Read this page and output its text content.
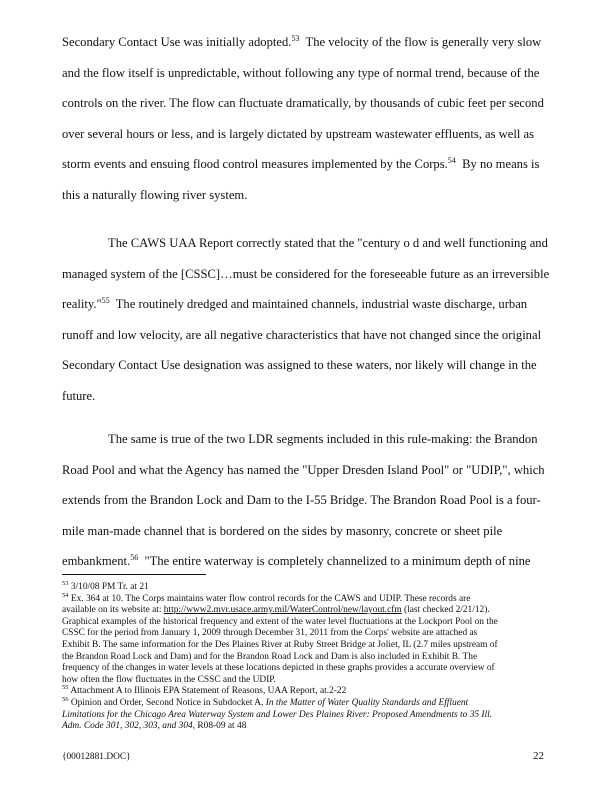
Secondary Contact Use was initially adopted.$^{53}$  The velocity of the flow is generally very slow
and the flow itself is unpredictable, without following any type of normal trend, because of the
controls on the river. The flow can fluctuate dramatically, by thousands of cubic feet per second
over several hours or less, and is largely dictated by upstream wastewater effluents, as well as
storm events and ensuing flood control measures implemented by the Corps.$^{54}$  By no means is
this a naturally flowing river system.
The CAWS UAA Report correctly stated that the "century o d and well functioning and
managed system of the [CSSC]…must be considered for the foreseeable future as an irreversible
reality."$^{55}$  The routinely dredged and maintained channels, industrial waste discharge, urban
runoff and low velocity, are all negative characteristics that have not changed since the original
Secondary Contact Use designation was assigned to these waters, nor likely will change in the
future.
The same is true of the two LDR segments included in this rule-making: the Brandon
Road Pool and what the Agency has named the "Upper Dresden Island Pool" or "UDIP,", which
extends from the Brandon Lock and Dam to the I-55 Bridge. The Brandon Road Pool is a four-
mile man-made channel that is bordered on the sides by masonry, concrete or sheet pile
embankment.$^{56}$  "The entire waterway is completely channelized to a minimum depth of nine
$^{53}$ 3/10/08 PM Tr. at 21
$^{54}$ Ex. 364 at 10. The Corps maintains water flow control records for the CAWS and UDIP. These records are
available on its website at: http://www2.mvr.usace.army.mil/WaterControl/new/layout.cfm (last checked 2/21/12).
Graphical examples of the historical frequency and extent of the water level fluctuations at the Lockport Pool on the
CSSC for the period from January 1, 2009 through December 31, 2011 from the Corps' website are attached as
Exhibit B. The same information for the Des Plaines River at Ruby Street Bridge at Joliet, IL (2.7 miles upstream of
the Brandon Road Lock and Dam) and for the Brandon Road Lock and Dam is also included in Exhibit B. The
frequency of the changes in water levels at these locations depicted in these graphs provides a accurate overview of
how often the flow fluctuates in the CSSC and the UDIP.
$^{55}$ Attachment A to Illinois EPA Statement of Reasons, UAA Report, at.2-22
$^{56}$ Opinion and Order, Second Notice in Subdocket A, In the Matter of Water Quality Standards and Effluent
Limitations for the Chicago Area Waterway System and Lower Des Plaines River: Proposed Amendments to 35 Ill.
Adm. Code 301, 302, 303, and 304, R08-09 at 48
{00012881.DOC}	22
